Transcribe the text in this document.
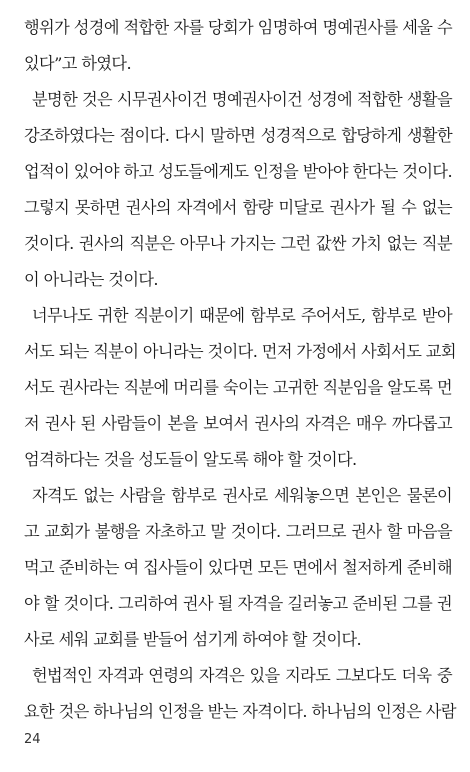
행위가 성경에 적합한 자를 당회가 임명하여 명예권사를 세울 수
있다”고 하였다.
분명한 것은 시무권사이건 명예권사이건 성경에 적합한 생활을
강조하였다는 점이다. 다시 말하면 성경적으로 합당하게 생활한
업적이 있어야 하고 성도들에게도 인정을 받아야 한다는 것이다.
그렇지 못하면 권사의 자격에서 함량 미달로 권사가 될 수 없는
것이다. 권사의 직분은 아무나 가지는 그런 값싼 가치 없는 직분
이 아니라는 것이다.
너무나도 귀한 직분이기 때문에 함부로 주어서도, 함부로 받아
서도 되는 직분이 아니라는 것이다. 먼저 가정에서 사회서도 교회
서도 권사라는 직분에 머리를 숙이는 고귀한 직분임을 알도록 먼
저 권사 된 사람들이 본을 보여서 권사의 자격은 매우 까다롭고
엄격하다는 것을 성도들이 알도록 해야 할 것이다.
자격도 없는 사람을 함부로 권사로 세워놓으면 본인은 물론이
고 교회가 불행을 자초하고 말 것이다. 그러므로 권사 할 마음을
먹고 준비하는 여 집사들이 있다면 모든 면에서 철저하게 준비해
야 할 것이다. 그리하여 권사 될 자격을 길러놓고 준비된 그를 권
사로 세워 교회를 받들어 섬기게 하여야 할 것이다.
헌법적인 자격과 연령의 자격은 있을 지라도 그보다도 더욱 중
요한 것은 하나님의 인정을 받는 자격이다. 하나님의 인정은 사람
24
